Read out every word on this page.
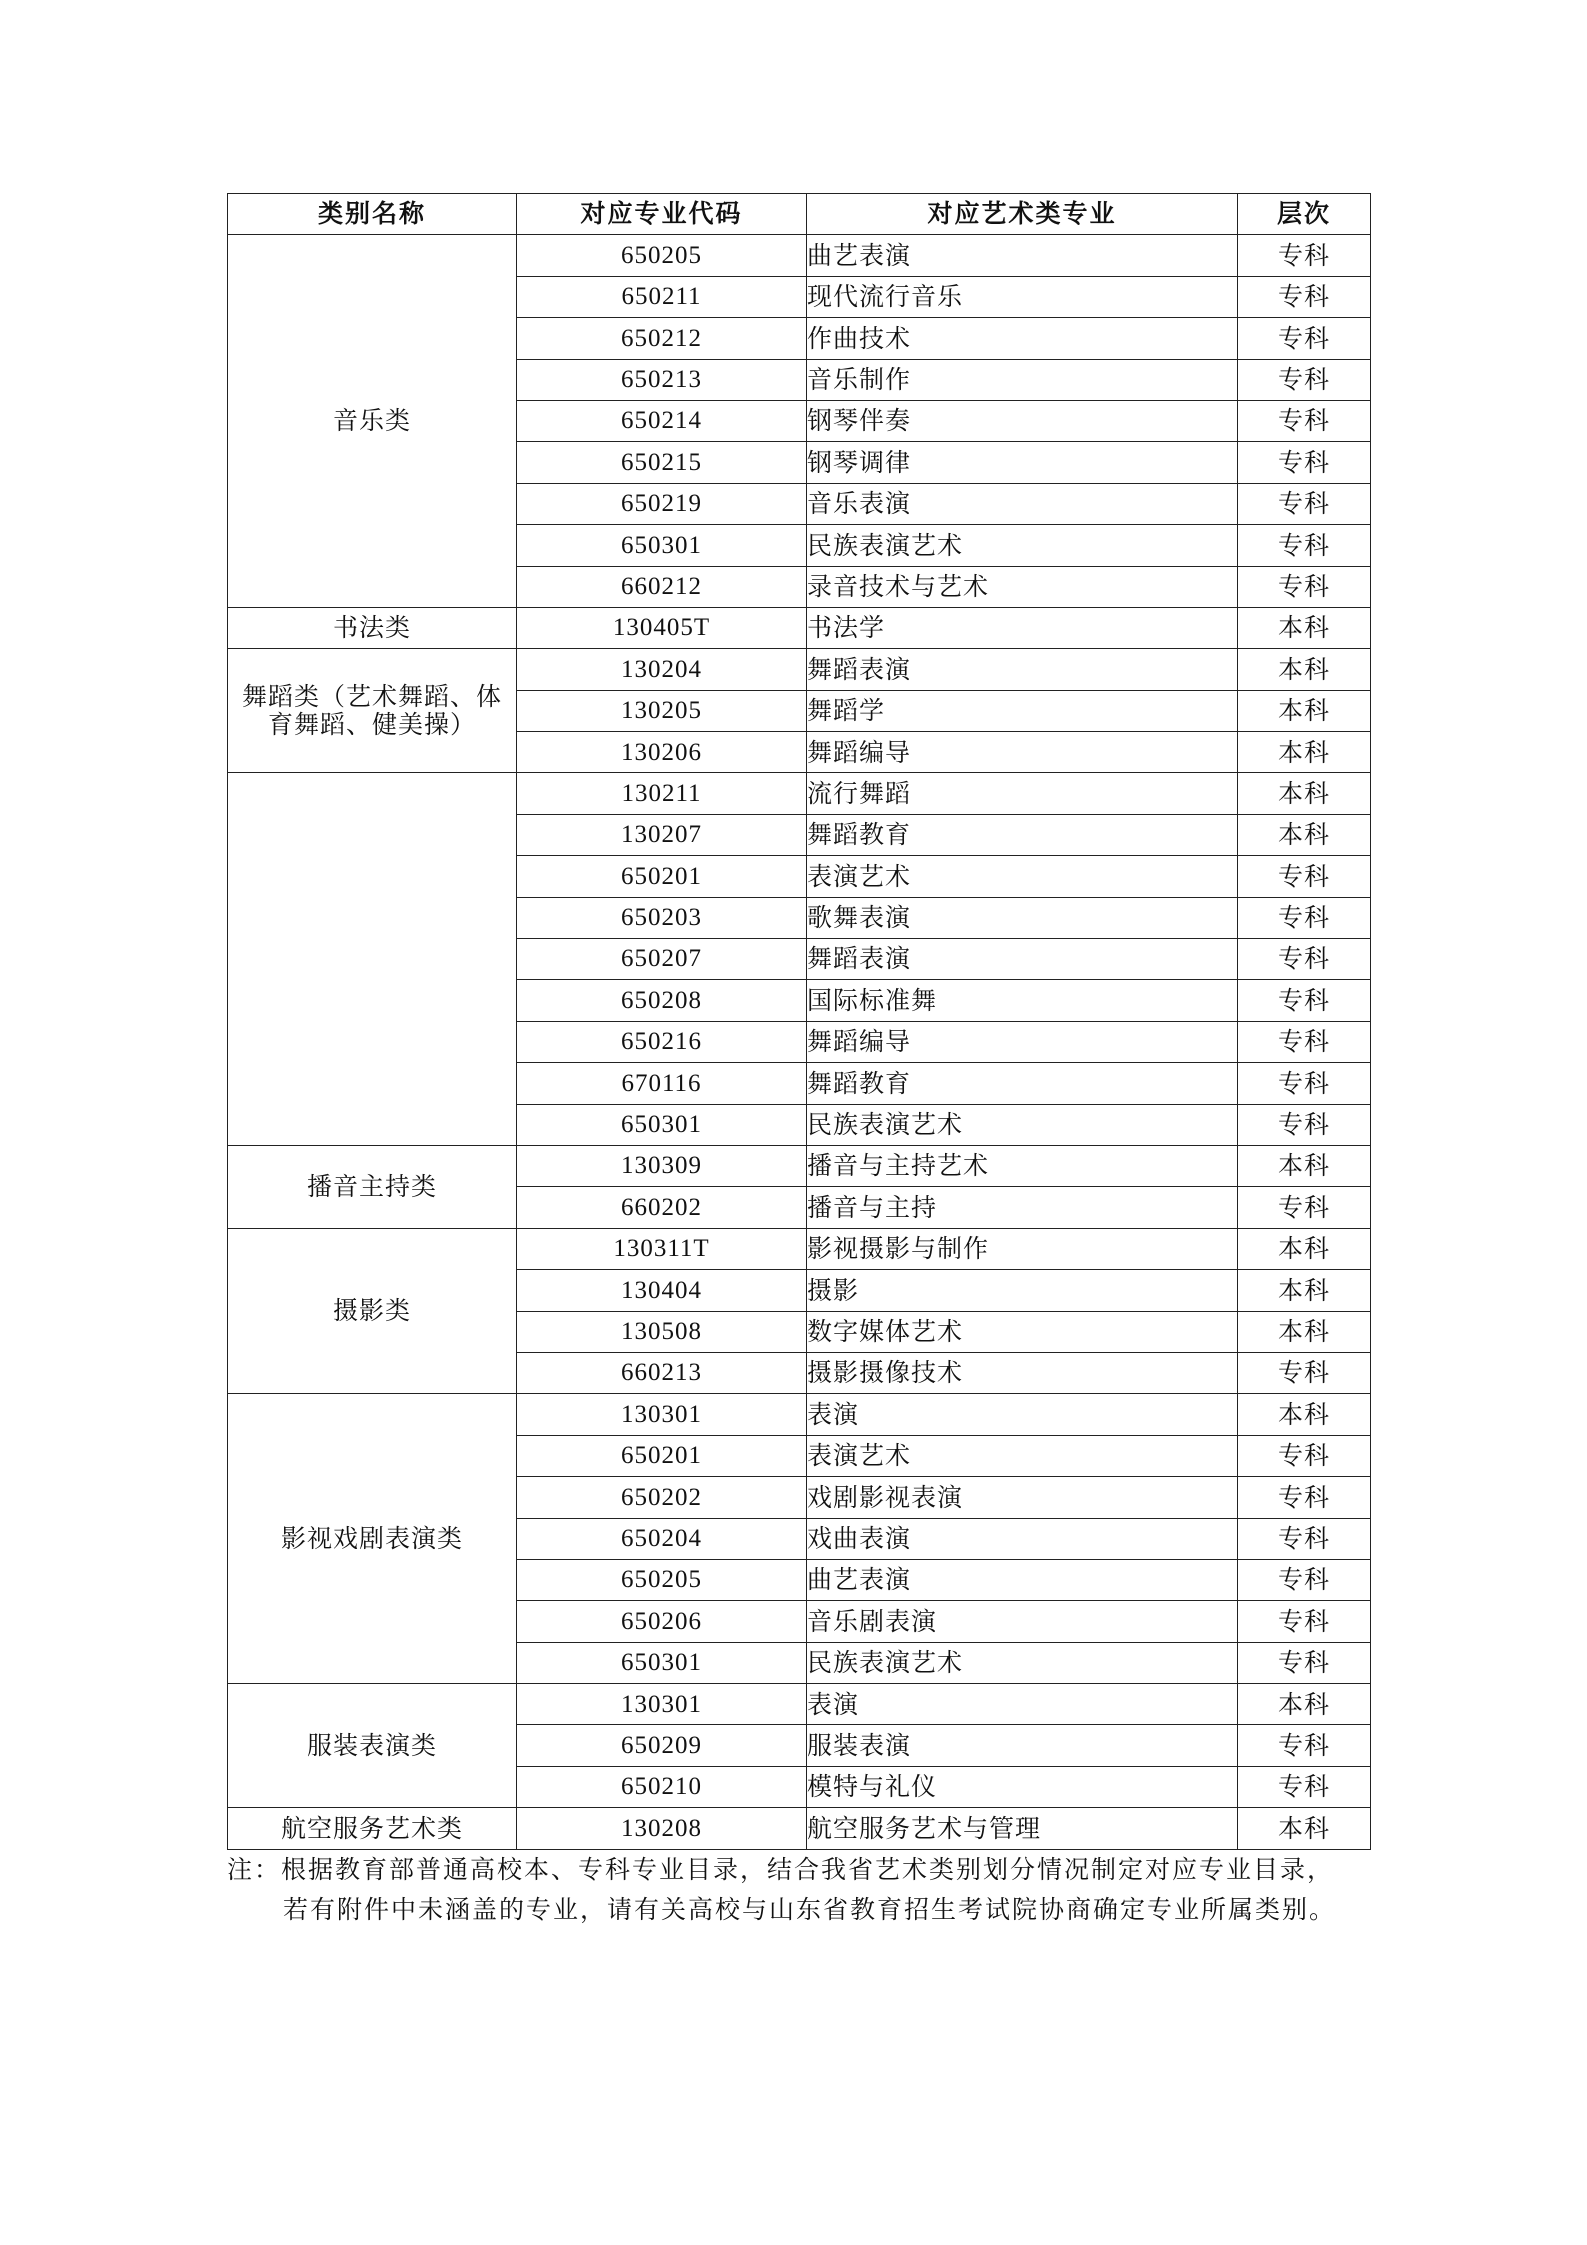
类别名称	对应专业代码	对应艺术类专业	层次
音乐类	650205	曲艺表演	专科
	650211	现代流行音乐	专科
	650212	作曲技术	专科
	650213	音乐制作	专科
	650214	钢琴伴奏	专科
	650215	钢琴调律	专科
	650219	音乐表演	专科
	650301	民族表演艺术	专科
	660212	录音技术与艺术	专科
书法类	130405T	书法学	本科
舞蹈类（艺术舞蹈、体育舞蹈、健美操）	130204	舞蹈表演	本科
	130205	舞蹈学	本科
	130206	舞蹈编导	本科
	130211	流行舞蹈	本科
	130207	舞蹈教育	本科
	650201	表演艺术	专科
	650203	歌舞表演	专科
	650207	舞蹈表演	专科
	650208	国际标准舞	专科
	650216	舞蹈编导	专科
	670116	舞蹈教育	专科
	650301	民族表演艺术	专科
播音主持类	130309	播音与主持艺术	本科
	660202	播音与主持	专科
摄影类	130311T	影视摄影与制作	本科
	130404	摄影	本科
	130508	数字媒体艺术	本科
	660213	摄影摄像技术	专科
影视戏剧表演类	130301	表演	本科
	650201	表演艺术	专科
	650202	戏剧影视表演	专科
	650204	戏曲表演	专科
	650205	曲艺表演	专科
	650206	音乐剧表演	专科
	650301	民族表演艺术	专科
服装表演类	130301	表演	本科
	650209	服装表演	专科
	650210	模特与礼仪	专科
航空服务艺术类	130208	航空服务艺术与管理	本科

注：根据教育部普通高校本、专科专业目录，结合我省艺术类别划分情况制定对应专业目录，若有附件中未涵盖的专业，请有关高校与山东省教育招生考试院协商确定专业所属类别。
